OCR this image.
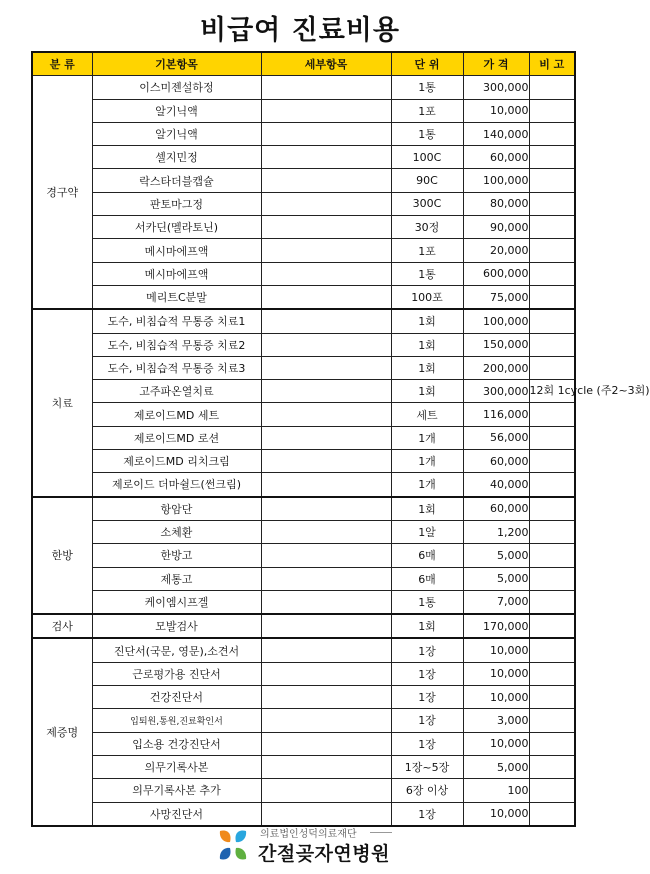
비급여 진료비용
분 류	기본항목	세부항목	단 위	가 격	비 고
경구약	이스미젠설하정		1통	300,000	
	알기닉액		1포	10,000	
	알기닉액		1통	140,000	
	셀지민정		100C	60,000	
	락스타더블캡슐		90C	100,000	
	판토마그정		300C	80,000	
	서카딘(멜라토닌)		30정	90,000	
	메시마에프액		1포	20,000	
	메시마에프액		1통	600,000	
	메리트C분말		100포	75,000	
치료	도수, 비침습적 무통증 치료1		1회	100,000	
	도수, 비침습적 무통증 치료2		1회	150,000	
	도수, 비침습적 무통증 치료3		1회	200,000	
	고주파온열치료		1회	300,000	12회 1cycle (주2~3회)
	제로이드MD 세트		세트	116,000	
	제로이드MD 로션		1개	56,000	
	제로이드MD 리치크림		1개	60,000	
	제로이드 더마쉴드(썬크림)		1개	40,000	
한방	항암단		1회	60,000	
	소체환		1알	1,200	
	한방고		6매	5,000	
	제통고		6매	5,000	
	케이엠시프겔		1통	7,000	
검사	모발검사		1회	170,000	
제증명	진단서(국문, 영문),소견서		1장	10,000	
	근로평가용 진단서		1장	10,000	
	건강진단서		1장	10,000	
	입퇴원,통원,진료확인서		1장	3,000	
	입소용 건강진단서		1장	10,000	
	의무기록사본		1장~5장	5,000	
	의무기록사본 추가		6장 이상	100	
	사망진단서		1장	10,000	
의료법인성덕의료재단
간절곶자연병원
